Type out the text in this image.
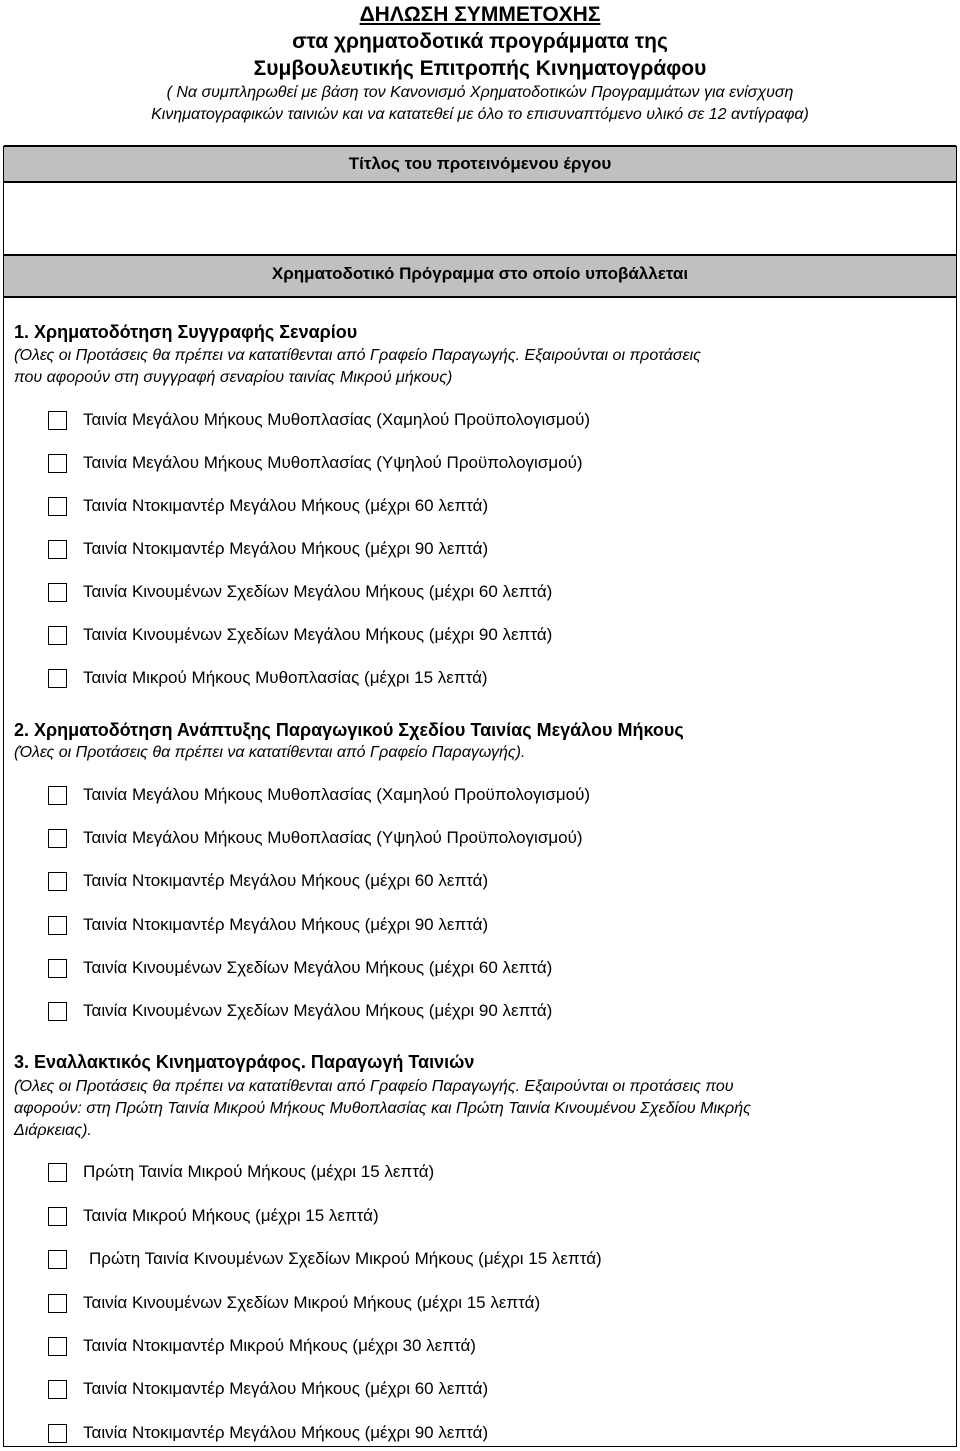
ΔΗΛΩΣΗ ΣΥΜΜΕΤΟΧΗΣ
στα χρηματοδοτικά προγράμματα της
Συμβουλευτικής Επιτροπής Κινηματογράφου
( Να συμπληρωθεί με βάση τον Κανονισμό Χρηματοδοτικών Προγραμμάτων για ενίσχυση
Κινηματογραφικών ταινιών και να κατατεθεί με όλο το επισυναπτόμενο υλικό σε 12 αντίγραφα)
Τίτλος του προτεινόμενου έργου
Χρηματοδοτικό Πρόγραμμα στο οποίο υποβάλλεται
1. Χρηματοδότηση Συγγραφής Σεναρίου
(Όλες οι Προτάσεις θα πρέπει να κατατίθενται από Γραφείο Παραγωγής. Εξαιρούνται οι προτάσεις
που αφορούν στη συγγραφή σεναρίου ταινίας Μικρού μήκους)
Ταινία Μεγάλου Μήκους Μυθοπλασίας (Χαμηλού Προϋπολογισμού)
Ταινία Μεγάλου Μήκους Μυθοπλασίας (Υψηλού Προϋπολογισμού)
Ταινία Ντοκιμαντέρ Μεγάλου Μήκους (μέχρι 60 λεπτά)
Ταινία Ντοκιμαντέρ Μεγάλου Μήκους (μέχρι 90 λεπτά)
Ταινία Κινουμένων Σχεδίων Μεγάλου Μήκους (μέχρι 60 λεπτά)
Ταινία Κινουμένων Σχεδίων Μεγάλου Μήκους (μέχρι 90 λεπτά)
Ταινία Μικρού Μήκους Μυθοπλασίας (μέχρι 15 λεπτά)
2. Χρηματοδότηση Ανάπτυξης Παραγωγικού Σχεδίου Ταινίας Μεγάλου Μήκους
(Όλες οι Προτάσεις θα πρέπει να κατατίθενται από Γραφείο Παραγωγής).
Ταινία Μεγάλου Μήκους Μυθοπλασίας (Χαμηλού Προϋπολογισμού)
Ταινία Μεγάλου Μήκους Μυθοπλασίας (Υψηλού Προϋπολογισμού)
Ταινία Ντοκιμαντέρ Μεγάλου Μήκους (μέχρι 60 λεπτά)
Ταινία Ντοκιμαντέρ Μεγάλου Μήκους (μέχρι 90 λεπτά)
Ταινία Κινουμένων Σχεδίων Μεγάλου Μήκους (μέχρι 60 λεπτά)
Ταινία Κινουμένων Σχεδίων Μεγάλου Μήκους (μέχρι 90 λεπτά)
3. Εναλλακτικός Κινηματογράφος. Παραγωγή Ταινιών
(Όλες οι Προτάσεις θα πρέπει να κατατίθενται από Γραφείο Παραγωγής. Εξαιρούνται οι προτάσεις που
αφορούν: στη Πρώτη Ταινία Μικρού Μήκους Μυθοπλασίας και Πρώτη Ταινία Κινουμένου Σχεδίου Μικρής
Διάρκειας).
Πρώτη Ταινία Μικρού Μήκους (μέχρι 15 λεπτά)
Ταινία Μικρού Μήκους (μέχρι 15 λεπτά)
Πρώτη Ταινία Κινουμένων Σχεδίων Μικρού Μήκους (μέχρι 15 λεπτά)
Ταινία Κινουμένων Σχεδίων Μικρού Μήκους (μέχρι 15 λεπτά)
Ταινία Ντοκιμαντέρ Μικρού Μήκους (μέχρι 30 λεπτά)
Ταινία Ντοκιμαντέρ Μεγάλου Μήκους (μέχρι 60 λεπτά)
Ταινία Ντοκιμαντέρ Μεγάλου Μήκους (μέχρι 90 λεπτά)
